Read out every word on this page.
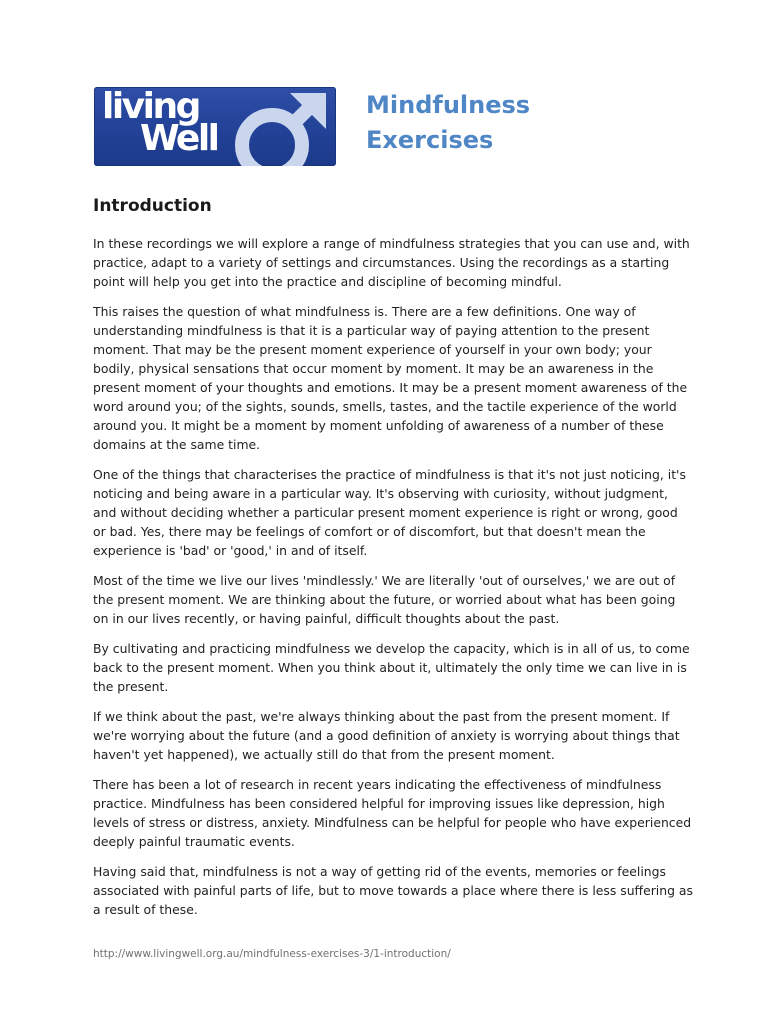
living
Well
Mindfulness
Exercises
Introduction

In these recordings we will explore a range of mindfulness strategies that you can use and, with practice, adapt to a variety of settings and circumstances. Using the recordings as a starting point will help you get into the practice and discipline of becoming mindful.

This raises the question of what mindfulness is. There are a few definitions. One way of understanding mindfulness is that it is a particular way of paying attention to the present moment. That may be the present moment experience of yourself in your own body; your bodily, physical sensations that occur moment by moment. It may be an awareness in the present moment of your thoughts and emotions. It may be a present moment awareness of the word around you; of the sights, sounds, smells, tastes, and the tactile experience of the world around you. It might be a moment by moment unfolding of awareness of a number of these domains at the same time.

One of the things that characterises the practice of mindfulness is that it's not just noticing, it's noticing and being aware in a particular way. It's observing with curiosity, without judgment, and without deciding whether a particular present moment experience is right or wrong, good or bad. Yes, there may be feelings of comfort or of discomfort, but that doesn't mean the experience is 'bad' or 'good,' in and of itself.

Most of the time we live our lives 'mindlessly.' We are literally 'out of ourselves,' we are out of the present moment. We are thinking about the future, or worried about what has been going on in our lives recently, or having painful, difficult thoughts about the past.

By cultivating and practicing mindfulness we develop the capacity, which is in all of us, to come back to the present moment. When you think about it, ultimately the only time we can live in is the present.

If we think about the past, we're always thinking about the past from the present moment. If we're worrying about the future (and a good definition of anxiety is worrying about things that haven't yet happened), we actually still do that from the present moment.

There has been a lot of research in recent years indicating the effectiveness of mindfulness practice. Mindfulness has been considered helpful for improving issues like depression, high levels of stress or distress, anxiety. Mindfulness can be helpful for people who have experienced deeply painful traumatic events.

Having said that, mindfulness is not a way of getting rid of the events, memories or feelings associated with painful parts of life, but to move towards a place where there is less suffering as a result of these.

http://www.livingwell.org.au/mindfulness-exercises-3/1-introduction/
